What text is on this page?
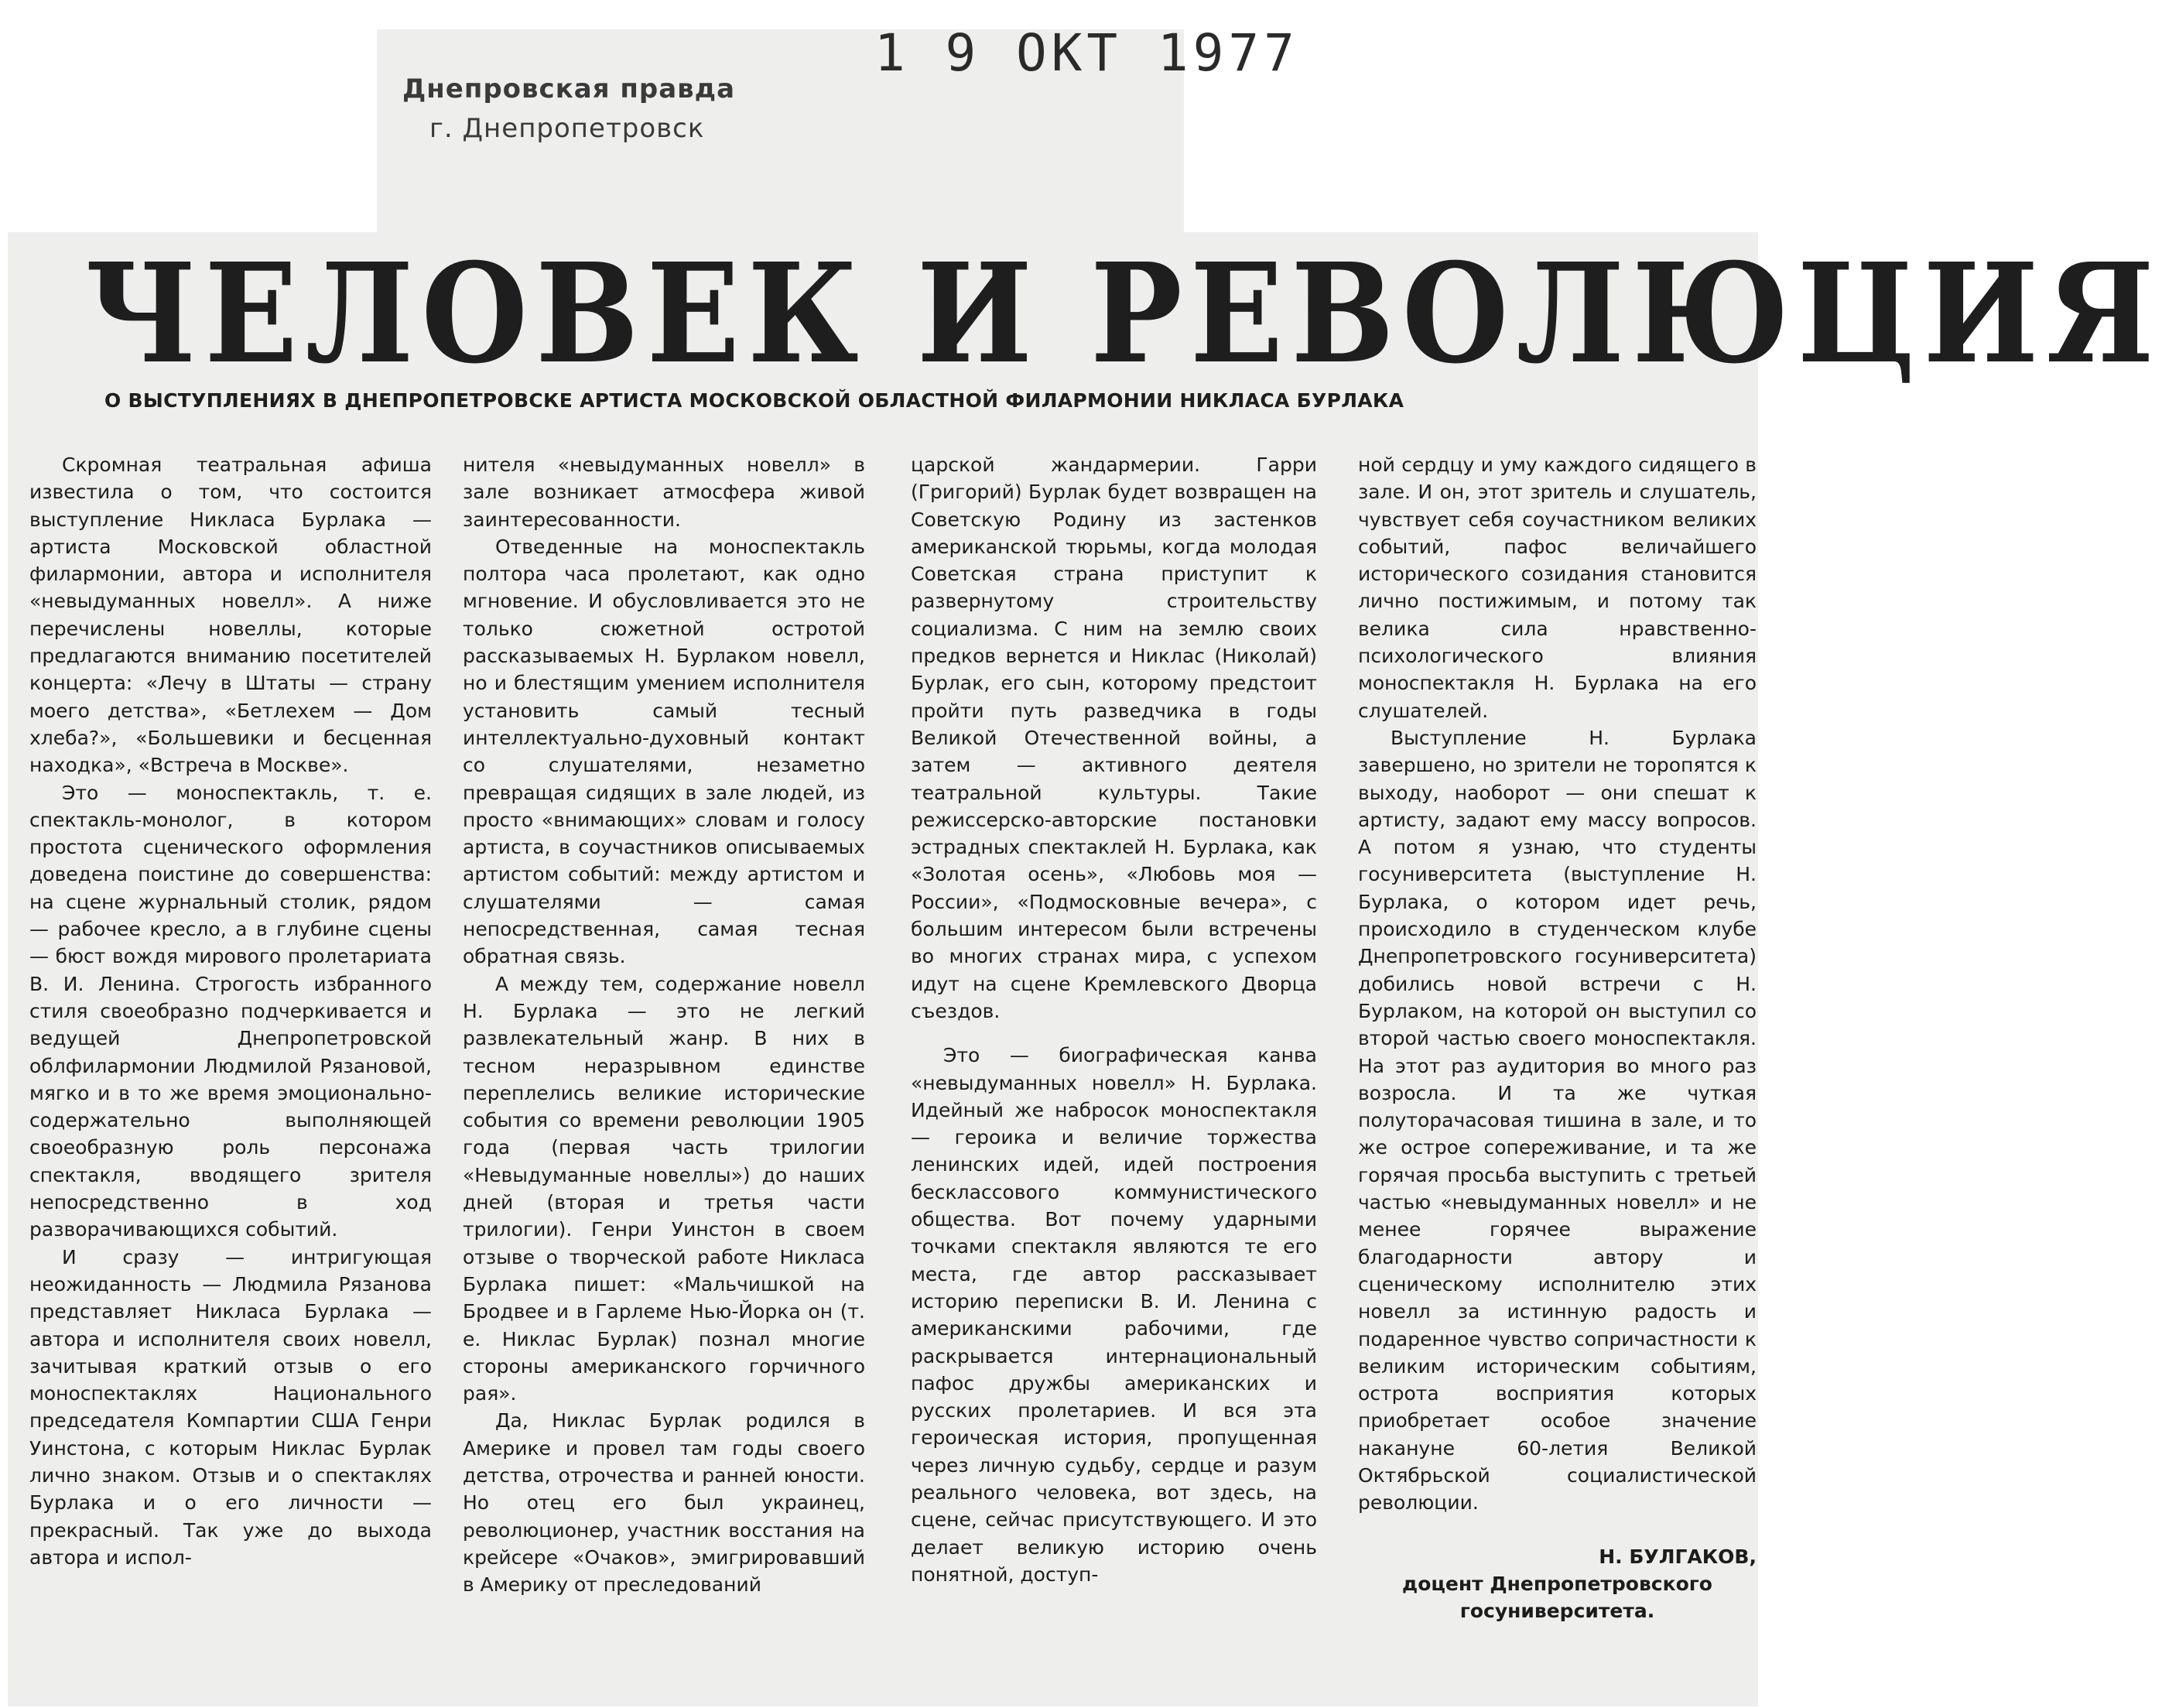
Днепровская правда
г. Днепропетровск
1 9 ОКТ 1977
ЧЕЛОВЕК И РЕВОЛЮЦИЯ
О ВЫСТУПЛЕНИЯХ В ДНЕПРОПЕТРОВСКЕ АРТИСТА МОСКОВСКОЙ ОБЛАСТНОЙ ФИЛАРМОНИИ НИКЛАСА БУРЛАКА

Скромная театральная афиша известила о том, что состоится выступление Никласа Бурлака — артиста Московской областной филармонии, автора и исполнителя «невыдуманных новелл». А ниже перечислены новеллы, которые предлагаются вниманию посетителей концерта: «Лечу в Штаты — страну моего детства», «Бетлехем — Дом хлеба?», «Большевики и бесценная находка», «Встреча в Москве».

Это — моноспектакль, т. е. спектакль-монолог, в котором простота сценического оформления доведена поистине до совершенства: на сцене журнальный столик, рядом — рабочее кресло, а в глубине сцены — бюст вождя мирового пролетариата В. И. Ленина. Строгость избранного стиля своеобразно подчеркивается и ведущей Днепропетровской облфилармонии Людмилой Рязановой, мягко и в то же время эмоционально-содержательно выполняющей своеобразную роль персонажа спектакля, вводящего зрителя непосредственно в ход разворачивающихся событий.

И сразу — интригующая неожиданность — Людмила Рязанова представляет Никласа Бурлака — автора и исполнителя своих новелл, зачитывая краткий отзыв о его моноспектаклях Национального председателя Компартии США Генри Уинстона, с которым Никлас Бурлак лично знаком. Отзыв и о спектаклях Бурлака и о его личности — прекрасный. Так уже до выхода автора и испол-

нителя «невыдуманных новелл» в зале возникает атмосфера живой заинтересованности.

Отведенные на моноспектакль полтора часа пролетают, как одно мгновение. И обусловливается это не только сюжетной остротой рассказываемых Н. Бурлаком новелл, но и блестящим умением исполнителя установить самый тесный интеллектуально-духовный контакт со слушателями, незаметно превращая сидящих в зале людей, из просто «внимающих» словам и голосу артиста, в соучастников описываемых артистом событий: между артистом и слушателями — самая непосредственная, самая тесная обратная связь.

А между тем, содержание новелл Н. Бурлака — это не легкий развлекательный жанр. В них в тесном неразрывном единстве переплелись великие исторические события со времени революции 1905 года (первая часть трилогии «Невыдуманные новеллы») до наших дней (вторая и третья части трилогии). Генри Уинстон в своем отзыве о творческой работе Никласа Бурлака пишет: «Мальчишкой на Бродвее и в Гарлеме Нью-Йорка он (т. е. Никлас Бурлак) познал многие стороны американского горчичного рая».

Да, Никлас Бурлак родился в Америке и провел там годы своего детства, отрочества и ранней юности. Но отец его был украинец, революционер, участник восстания на крейсере «Очаков», эмигрировавший в Америку от преследований

царской жандармерии. Гарри (Григорий) Бурлак будет возвращен на Советскую Родину из застенков американской тюрьмы, когда молодая Советская страна приступит к развернутому строительству социализма. С ним на землю своих предков вернется и Никлас (Николай) Бурлак, его сын, которому предстоит пройти путь разведчика в годы Великой Отечественной войны, а затем — активного деятеля театральной культуры. Такие режиссерско-авторские постановки эстрадных спектаклей Н. Бурлака, как «Золотая осень», «Любовь моя — России», «Подмосковные вечера», с большим интересом были встречены во многих странах мира, с успехом идут на сцене Кремлевского Дворца съездов.

Это — биографическая канва «невыдуманных новелл» Н. Бурлака. Идейный же набросок моноспектакля — героика и величие торжества ленинских идей, идей построения бесклассового коммунистического общества. Вот почему ударными точками спектакля являются те его места, где автор рассказывает историю переписки В. И. Ленина с американскими рабочими, где раскрывается интернациональный пафос дружбы американских и русских пролетариев. И вся эта героическая история, пропущенная через личную судьбу, сердце и разум реального человека, вот здесь, на сцене, сейчас присутствующего. И это делает великую историю очень понятной, доступ-

ной сердцу и уму каждого сидящего в зале. И он, этот зритель и слушатель, чувствует себя соучастником великих событий, пафос величайшего исторического созидания становится лично постижимым, и потому так велика сила нравственно-психологического влияния моноспектакля Н. Бурлака на его слушателей.

Выступление Н. Бурлака завершено, но зрители не торопятся к выходу, наоборот — они спешат к артисту, задают ему массу вопросов. А потом я узнаю, что студенты госуниверситета (выступление Н. Бурлака, о котором идет речь, происходило в студенческом клубе Днепропетровского госуниверситета) добились новой встречи с Н. Бурлаком, на которой он выступил со второй частью своего моноспектакля. На этот раз аудитория во много раз возросла. И та же чуткая полуторачасовая тишина в зале, и то же острое сопереживание, и та же горячая просьба выступить с третьей частью «невыдуманных новелл» и не менее горячее выражение благодарности автору и сценическому исполнителю этих новелл за истинную радость и подаренное чувство сопричастности к великим историческим событиям, острота восприятия которых приобретает особое значение накануне 60-летия Великой Октябрьской социалистической революции.

Н. БУЛГАКОВ,
доцент Днепропетровского
госуниверситета.
